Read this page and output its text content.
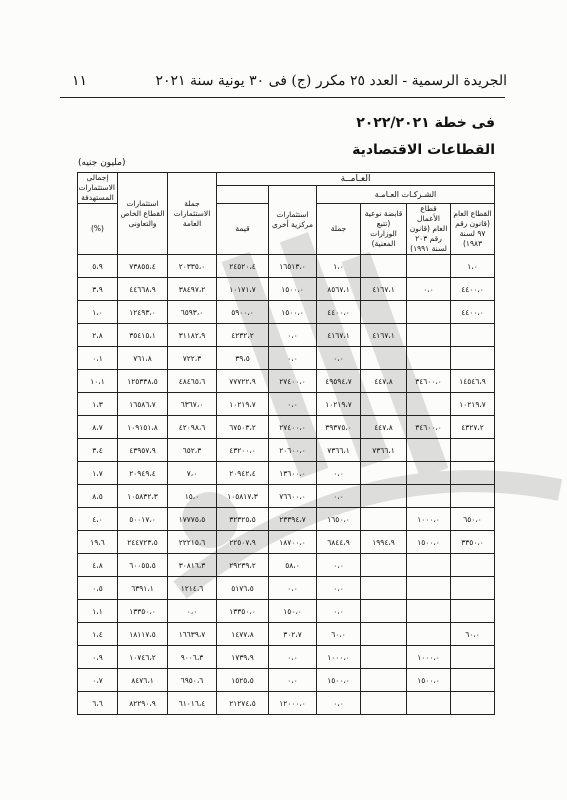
الجريدة الرسمية - العدد ٢٥ مكرر (ج) فى ٣٠ يونية سنة ٢٠٢١
١١
فى خطة ٢٠٢٢/٢٠٢١
القطاعات الاقتصادية
(مليون جنيه)
العـامــة						جملة الاستثمارات العامة	استثمارات القطاع الخاص والتعاونى	إجمالى الاستثمارات المستهدفة
الشـركـات العـامـة				استثمارات مركزية أخرى				
القطاع العام (قانون رقم ٩٧ لسنة ١٩٨٣)	قطاع الأعمال العام (قانون رقم ٢٠٣ لسنة ١٩٩١)	قابضة نوعية (تتبع الوزارات المعنية)	جملة		قيمة			(%)
١،٠			١،٠	١٦٥١٣،٠	٢٤٥٢٠،٤	٢٠٣٣٥،٠	٧٣٨٥٥،٤	٥،٩
٤٤٠٠،٠	٠،٠	٤١٦٧،١	٨٥٦٧،١	١٥٠٠،٠	١٠١٧١،٧	٣٨٤٩٧،٢	٤٤٦٦٨،٩	٣،٩
٤٤٠٠،٠			٤٤٠٠،٠	١٥٠٠،٠	٥٩٠٠،٠	٦٥٩٣،٠	١٢٤٩٣،٠	١،٠
		٤١٦٧،١	٤١٦٧،١	٠،٠	٤٢٣٢،٢	٣١١٨٢،٩	٣٥٤١٥،١	٢،٨
			٠،٠	٠،٠	٣٩،٥	٧٢٢،٣	٧٦١،٨	٠،١
١٤٥٤٦،٩	٣٤٦٠٠،٠	٤٤٧،٨	٤٩٥٩٤،٧	٢٧٤٠٠،٠	٧٧٧٢٢،٩	٤٨٤٦٥،٦	١٢٥٣٣٨،٥	١٠،١
١٠٢١٩،٧			١٠٢١٩،٧	٠،٠	١٠٢١٩،٧	٦٣٦٧،٠	١٦٥٨٦،٧	١،٣
٤٣٢٧،٢	٣٤٦٠٠،٠	٤٤٧،٨	٣٩٣٧٥،٠	٢٧٤٠٠،٠	٦٧٥٠٣،٢	٤٢٠٩٨،٦	١٠٩١٥١،٨	٨،٧
		٧٣٦٦،١	٧٣٦٦،١	٢٠٦٠٠،٠	٤٣٢٠٠،٠	٦٥٢،٣	٤٣٩٥٧،٩	٣،٤
			٠،٠	١٣٦٠٠،٠	٢٠٩٤٢،٤	٧،٠	٢٠٩٤٩،٤	١،٧
			٠،٠	٧٦٦٠٠،٠	١٠٥٨١٧،٣	١٥،٠	١٠٥٨٣٢،٣	٨،٥
٦٥٠،٠	١٠٠٠،٠		١٦٥٠،٠	٢٣٣٩٤،٧	٣٢٣٢٥،٥	١٧٧٧٥،٥	٥٠٠١٧،٠	٤،٠
٣٣٥٠،٠	١٥٠٠،٠	١٩٩٤،٩	٦٨٤٤،٩	١٨٧٠٠،٠	٢٢٥٠٧،٩	٢٢٢١٥،٦	٢٤٤٧٢٣،٥	١٩،٦
			٠،٠	٥٨،٠	٢٩٢٣٩،٢	٣٠٨١٦،٣	٦٠٠٥٥،٥	٤،٨
			٠،٠	٠،٠	٥١٧٦،٥	١٢١٤،٦	٦٣٩١،١	٠،٥
			٠،٠	١٥٠،٠	١٣٣٥٠،٠	٠،٠	١٣٣٥٠،٠	١،١
٦٠،٠			٦٠،٠	٣٠٢،٧	١٤٧٧،٨	١٦٦٣٩،٧	١٨١١٧،٥	١،٤
	١٠٠٠،٠		١٠٠٠،٠	٠،٠	١٧٣٩،٩	٩٠٠٦،٣	١٠٧٤٦،٢	٠،٩
	١٥٠٠،٠		١٥٠٠،٠	٠،٠	١٥٢٥،٥	٦٩٥٠،٦	٨٤٧٦،١	٠،٧
			٠،٠	١٢٠٠٠،٠	٢١٢٧٤،٥	٦١٠١٦،٤	٨٢٢٩٠،٩	٦،٦
